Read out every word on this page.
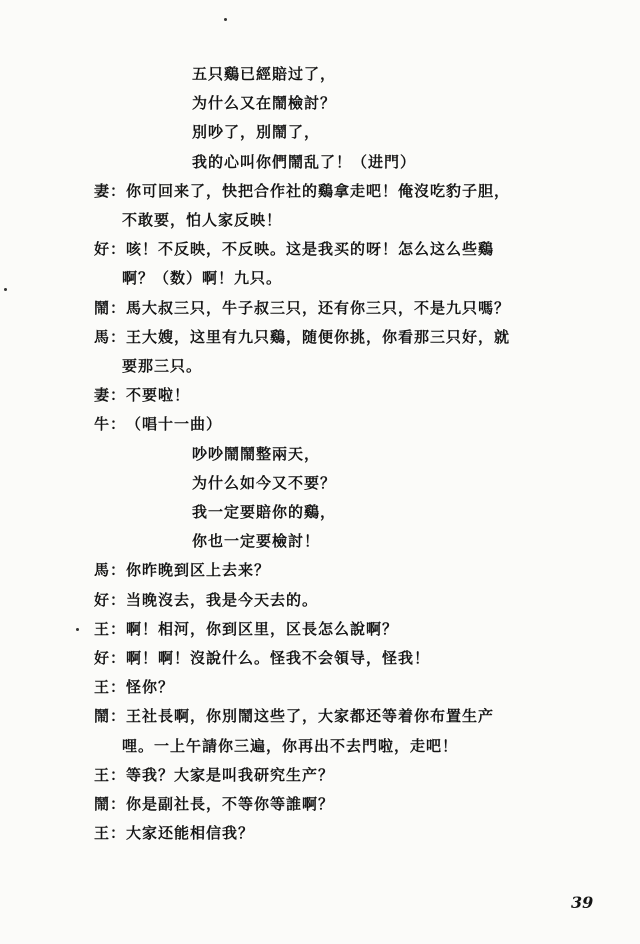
五只鷄已經賠过了，
为什么又在鬧檢討？
別吵了，別鬧了，
我的心叫你們鬧乱了！（进門）
妻：你可回来了，快把合作社的鷄拿走吧！俺沒吃豹子胆，
不敢要，怕人家反映！
好：咳！不反映，不反映。这是我买的呀！怎么这么些鷄
啊？（数）啊！九只。
鬧：馬大叔三只，牛子叔三只，还有你三只，不是九只嗎？
馬：王大嫂，这里有九只鷄，随便你挑，你看那三只好，就
要那三只。
妻：不要啦！
牛：（唱十一曲）
吵吵鬧鬧整兩天，
为什么如今又不要？
我一定要賠你的鷄，
你也一定要檢討！
馬：你昨晚到区上去来？
好：当晚沒去，我是今天去的。
王：啊！相河，你到区里，区長怎么說啊？
好：啊！啊！沒說什么。怪我不会領导，怪我！
王：怪你？
鬧：王社長啊，你別鬧这些了，大家都还等着你布置生产
哩。一上午請你三遍，你再出不去門啦，走吧！
王：等我？大家是叫我研究生产？
鬧：你是副社長，不等你等誰啊？
王：大家还能相信我？
39
